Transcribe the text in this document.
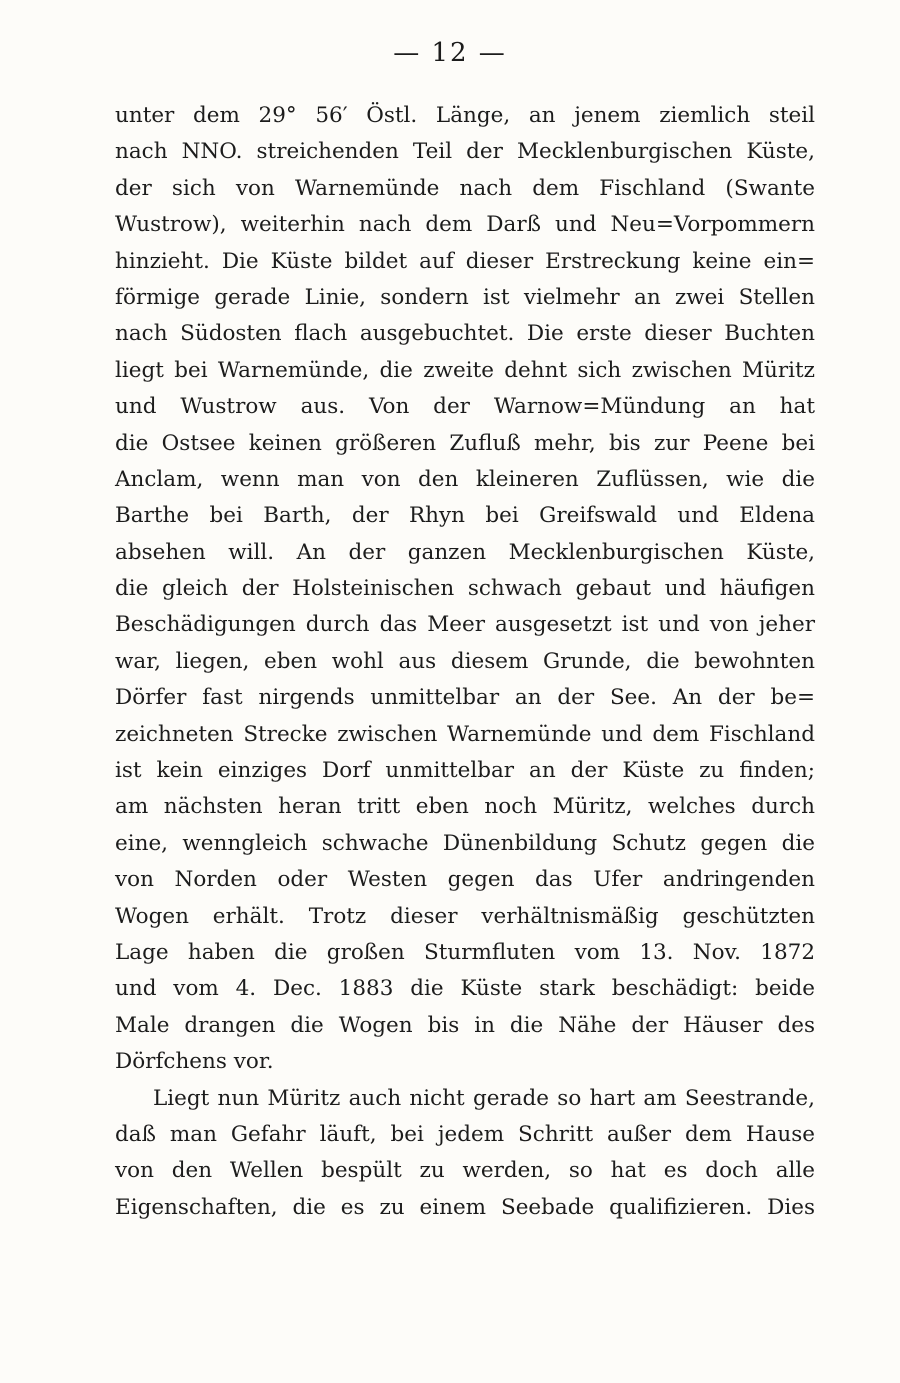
— 12 —
unter dem 29° 56′ Östl. Länge, an jenem ziemlich steil
nach NNO. streichenden Teil der Mecklenburgischen Küste,
der sich von Warnemünde nach dem Fischland (Swante
Wustrow), weiterhin nach dem Darß und Neu=Vorpommern
hinzieht. Die Küste bildet auf dieser Erstreckung keine ein=
förmige gerade Linie, sondern ist vielmehr an zwei Stellen
nach Südosten flach ausgebuchtet. Die erste dieser Buchten
liegt bei Warnemünde, die zweite dehnt sich zwischen Müritz
und Wustrow aus. Von der Warnow=Mündung an hat
die Ostsee keinen größeren Zufluß mehr, bis zur Peene bei
Anclam, wenn man von den kleineren Zuflüssen, wie die
Barthe bei Barth, der Rhyn bei Greifswald und Eldena
absehen will. An der ganzen Mecklenburgischen Küste,
die gleich der Holsteinischen schwach gebaut und häufigen
Beschädigungen durch das Meer ausgesetzt ist und von jeher
war, liegen, eben wohl aus diesem Grunde, die bewohnten
Dörfer fast nirgends unmittelbar an der See. An der be=
zeichneten Strecke zwischen Warnemünde und dem Fischland
ist kein einziges Dorf unmittelbar an der Küste zu finden;
am nächsten heran tritt eben noch Müritz, welches durch
eine, wenngleich schwache Dünenbildung Schutz gegen die
von Norden oder Westen gegen das Ufer andringenden
Wogen erhält. Trotz dieser verhältnismäßig geschützten
Lage haben die großen Sturmfluten vom 13. Nov. 1872
und vom 4. Dec. 1883 die Küste stark beschädigt: beide
Male drangen die Wogen bis in die Nähe der Häuser des
Dörfchens vor.
Liegt nun Müritz auch nicht gerade so hart am Seestrande,
daß man Gefahr läuft, bei jedem Schritt außer dem Hause
von den Wellen bespült zu werden, so hat es doch alle
Eigenschaften, die es zu einem Seebade qualifizieren. Dies
